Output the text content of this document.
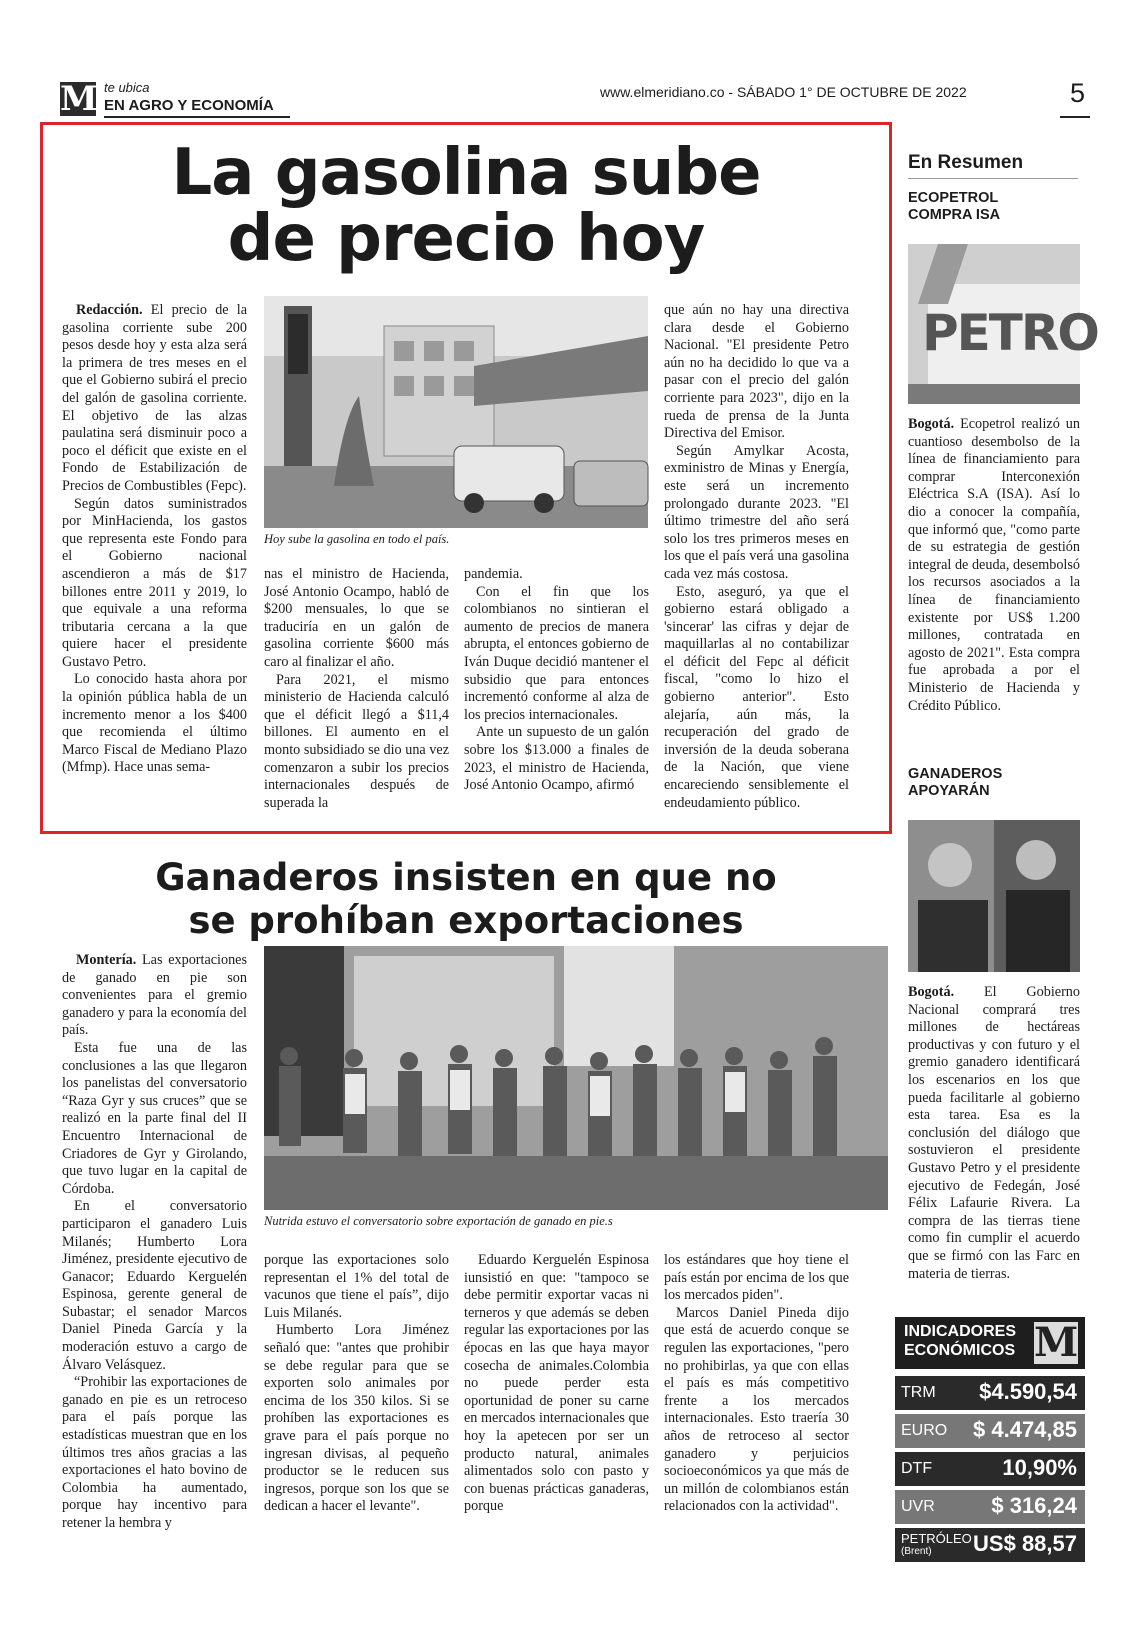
M te ubica
EN AGRO Y ECONOMÍA
www.elmeridiano.co - SÁBADO 1° DE OCTUBRE DE 2022	5
La gasolina sube
de precio hoy

Redacción. El precio de la gasolina corriente sube 200 pesos desde hoy y esta alza será la primera de tres meses en el que el Gobierno subirá el precio del galón de gasolina corriente. El objetivo de las alzas paulatina será disminuir poco a poco el déficit que existe en el Fondo de Estabilización de Precios de Combustibles (Fepc).

Según datos suministrados por MinHacienda, los gastos que representa este Fondo para el Gobierno nacional ascendieron a más de $17 billones entre 2011 y 2019, lo que equivale a una reforma tributaria cercana a la que quiere hacer el presidente Gustavo Petro.

Lo conocido hasta ahora por la opinión pública habla de un incremento menor a los $400 que recomienda el último Marco Fiscal de Mediano Plazo (Mfmp). Hace unas sema-

Hoy sube la gasolina en todo el país.

nas el ministro de Hacienda, José Antonio Ocampo, habló de $200 mensuales, lo que se traduciría en un galón de gasolina corriente $600 más caro al finalizar el año.

Para 2021, el mismo ministerio de Hacienda calculó que el déficit llegó a $11,4 billones. El aumento en el monto subsidiado se dio una vez comenzaron a subir los precios internacionales después de superada la

pandemia.

Con el fin que los colombianos no sintieran el aumento de precios de manera abrupta, el entonces gobierno de Iván Duque decidió mantener el subsidio que para entonces incrementó conforme al alza de los precios internacionales.

Ante un supuesto de un galón sobre los $13.000 a finales de 2023, el ministro de Hacienda, José Antonio Ocampo, afirmó

que aún no hay una directiva clara desde el Gobierno Nacional. "El presidente Petro aún no ha decidido lo que va a pasar con el precio del galón corriente para 2023", dijo en la rueda de prensa de la Junta Directiva del Emisor.

Según Amylkar Acosta, exministro de Minas y Energía, este será un incremento prolongado durante 2023. "El último trimestre del año será solo los tres primeros meses en los que el país verá una gasolina cada vez más costosa.

Esto, aseguró, ya que el gobierno estará obligado a 'sincerar' las cifras y dejar de maquillarlas al no contabilizar el déficit del Fepc al déficit fiscal, "como lo hizo el gobierno anterior". Esto alejaría, aún más, la recuperación del grado de inversión de la deuda soberana de la Nación, que viene encareciendo sensiblemente el endeudamiento público.

Ganaderos insisten en que no
se prohíban exportaciones

Montería. Las exportaciones de ganado en pie son convenientes para el gremio ganadero y para la economía del país.

Esta fue una de las conclusiones a las que llegaron los panelistas del conversatorio “Raza Gyr y sus cruces” que se realizó en la parte final del II Encuentro Internacional de Criadores de Gyr y Girolando, que tuvo lugar en la capital de Córdoba.

En el conversatorio participaron el ganadero Luis Milanés; Humberto Lora Jiménez, presidente ejecutivo de Ganacor; Eduardo Kerguelén Espinosa, gerente general de Subastar; el senador Marcos Daniel Pineda García y la moderación estuvo a cargo de Álvaro Velásquez.

“Prohibir las exportaciones de ganado en pie es un retroceso para el país porque las estadísticas muestran que en los últimos tres años gracias a las exportaciones el hato bovino de Colombia ha aumentado, porque hay incentivo para retener la hembra y

Nutrida estuvo el conversatorio sobre exportación de ganado en pie.s

porque las exportaciones solo representan el 1% del total de vacunos que tiene el país”, dijo Luis Milanés.

Humberto Lora Jiménez señaló que: "antes que prohibir se debe regular para que se exporten solo animales por encima de los 350 kilos. Si se prohíben las exportaciones es grave para el país porque no ingresan divisas, al pequeño productor se le reducen sus ingresos, porque son los que se dedican a hacer el levante".

Eduardo Kerguelén Espinosa iunsistió en que: "tampoco se debe permitir exportar vacas ni terneros y que además se deben regular las exportaciones por las épocas en las que haya mayor cosecha de animales.Colombia no puede perder esta oportunidad de poner su carne en mercados internacionales que hoy la apetecen por ser un producto natural, animales alimentados solo con pasto y con buenas prácticas ganaderas, porque

los estándares que hoy tiene el país están por encima de los que los mercados piden".

Marcos Daniel Pineda dijo que está de acuerdo conque se regulen las exportaciones, "pero no prohibirlas, ya que con ellas el país es más competitivo frente a los mercados internacionales. Esto traería 30 años de retroceso al sector ganadero y perjuicios socioeconómicos ya que más de un millón de colombianos están relacionados con la actividad".

En Resumen
ECOPETROL
COMPRA ISA
PETRO

Bogotá. Ecopetrol realizó un cuantioso desembolso de la línea de financiamiento para comprar Interconexión Eléctrica S.A (ISA). Así lo dio a conocer la compañía, que informó que, "como parte de su estrategia de gestión integral de deuda, desembolsó los recursos asociados a la línea de financiamiento existente por US$ 1.200 millones, contratada en agosto de 2021". Esta compra fue aprobada a por el Ministerio de Hacienda y Crédito Público.

GANADEROS
APOYARÁN

Bogotá. El Gobierno Nacional comprará tres millones de hectáreas productivas y con futuro y el gremio ganadero identificará los escenarios en los que pueda facilitarle al gobierno esta tarea. Esa es la conclusión del diálogo que sostuvieron el presidente Gustavo Petro y el presidente ejecutivo de Fedegán, José Félix Lafaurie Rivera. La compra de las tierras tiene como fin cumplir el acuerdo que se firmó con las Farc en materia de tierras.

INDICADORES
ECONÓMICOS M
TRM $4.590,54
EURO $ 4.474,85
DTF	10,90%
UVR	$ 316,24
PETRÓLEO
(Brent)	US$ 88,57
